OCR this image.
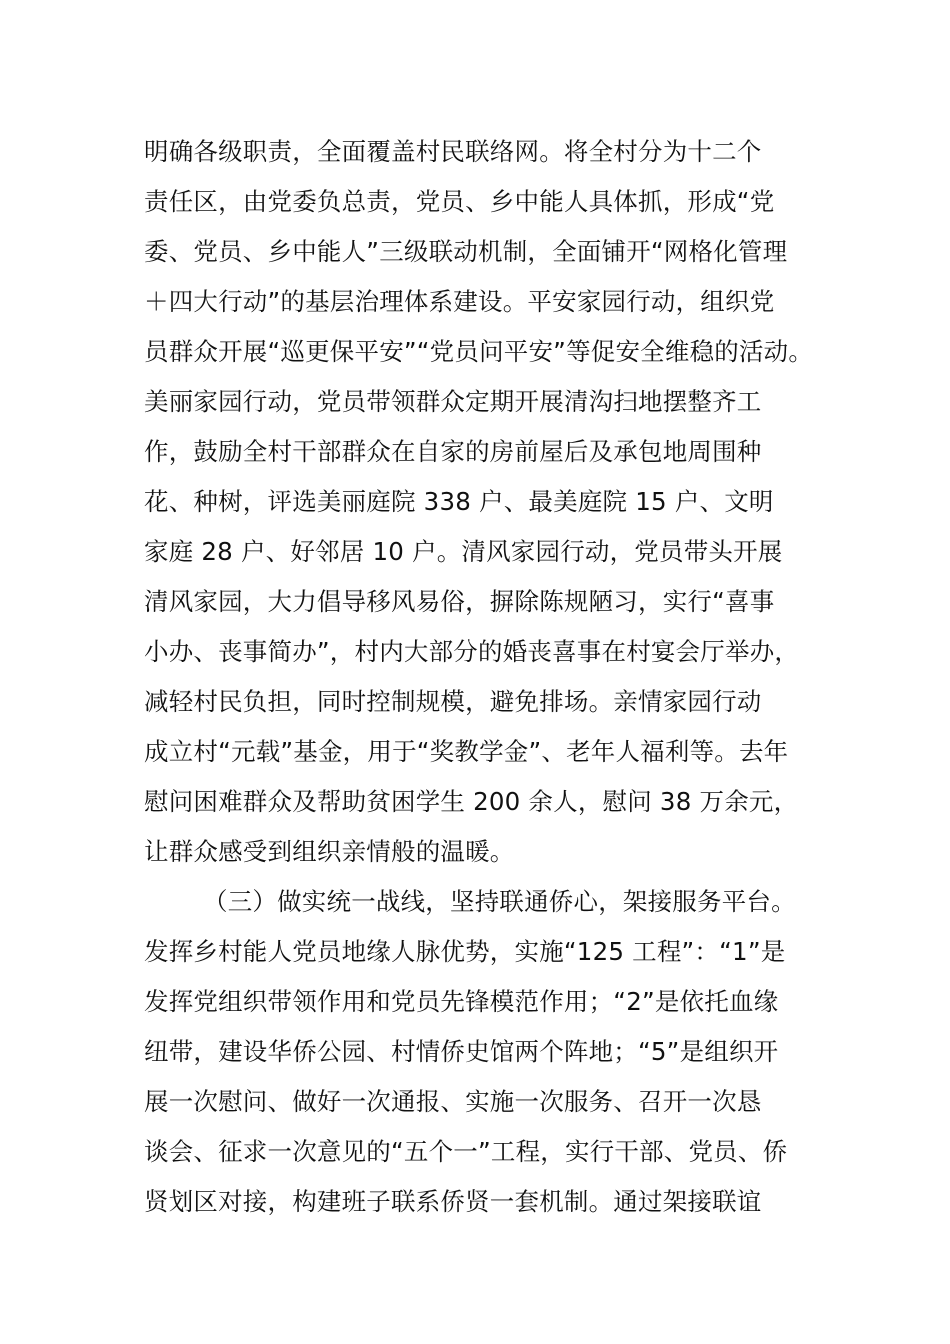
明确各级职责，全面覆盖村民联络网。将全村分为十二个
责任区，由党委负总责，党员、乡中能人具体抓，形成“党
委、党员、乡中能人”三级联动机制，全面铺开“网格化管理
＋四大行动”的基层治理体系建设。平安家园行动，组织党
员群众开展“巡更保平安”“党员问平安”等促安全维稳的活动。
美丽家园行动，党员带领群众定期开展清沟扫地摆整齐工
作，鼓励全村干部群众在自家的房前屋后及承包地周围种
花、种树，评选美丽庭院 338 户、最美庭院 15 户、文明
家庭 28 户、好邻居 10 户。清风家园行动，党员带头开展
清风家园，大力倡导移风易俗，摒除陈规陋习，实行“喜事
小办、丧事简办”，村内大部分的婚丧喜事在村宴会厅举办，
减轻村民负担，同时控制规模，避免排场。亲情家园行动
成立村“元载”基金，用于“奖教学金”、老年人福利等。去年
慰问困难群众及帮助贫困学生 200 余人，慰问 38 万余元，
让群众感受到组织亲情般的温暖。
（三）做实统一战线，坚持联通侨心，架接服务平台。
发挥乡村能人党员地缘人脉优势，实施“125 工程”：“1”是
发挥党组织带领作用和党员先锋模范作用；“2”是依托血缘
纽带，建设华侨公园、村情侨史馆两个阵地；“5”是组织开
展一次慰问、做好一次通报、实施一次服务、召开一次恳
谈会、征求一次意见的“五个一”工程，实行干部、党员、侨
贤划区对接，构建班子联系侨贤一套机制。通过架接联谊
